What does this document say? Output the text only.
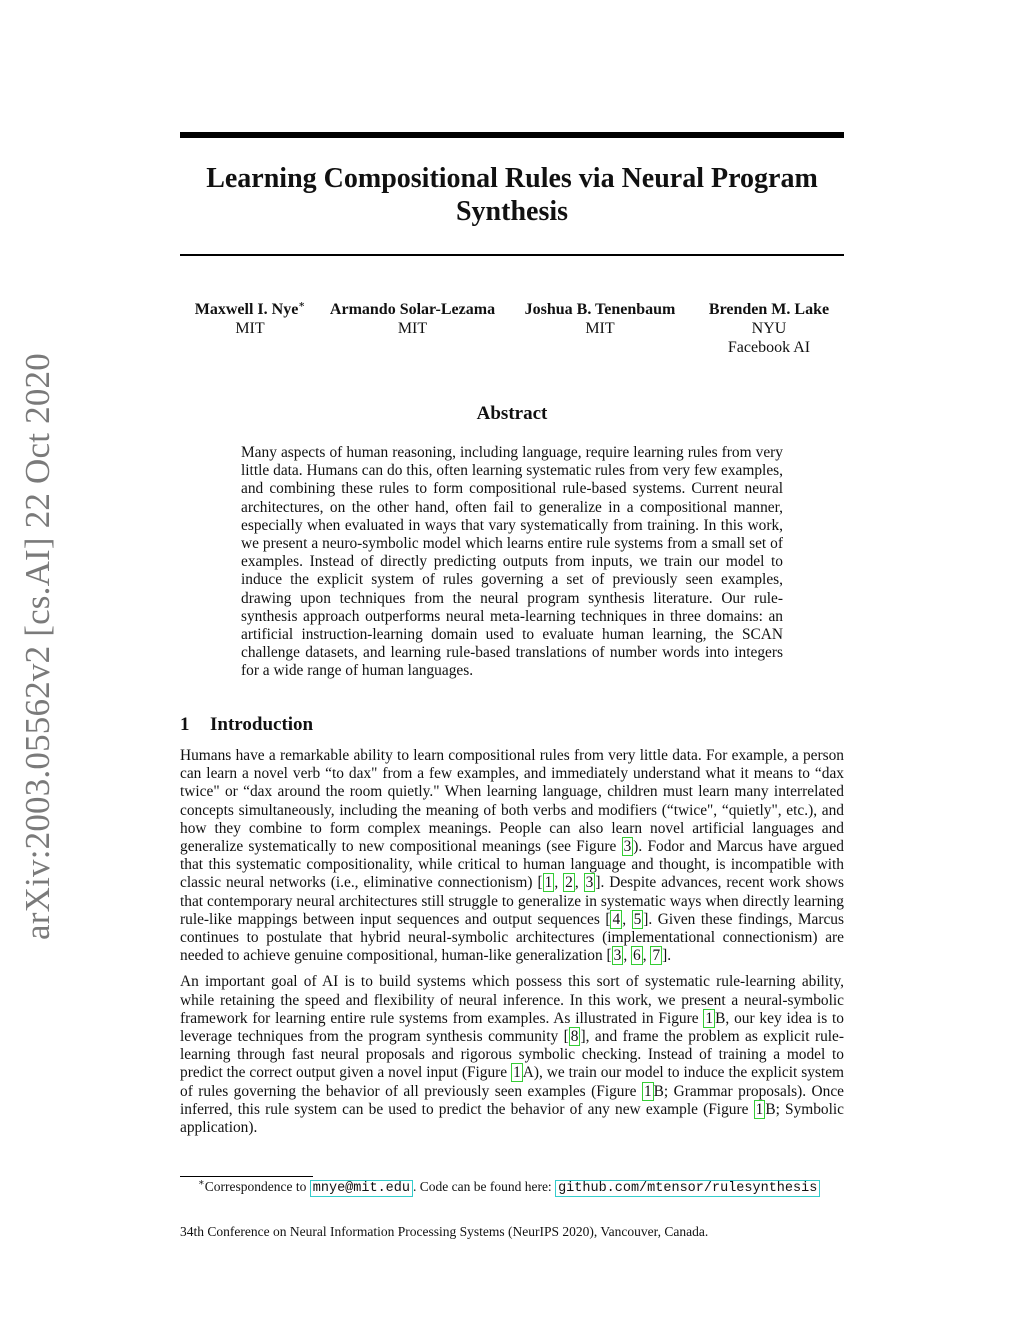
arXiv:2003.05562v2 [cs.AI] 22 Oct 2020
Learning Compositional Rules via Neural Program Synthesis
Maxwell I. Nye∗
MIT
Armando Solar-Lezama
MIT
Joshua B. Tenenbaum
MIT
Brenden M. Lake
NYU
Facebook AI
Abstract
Many aspects of human reasoning, including language, require learning rules from very little data. Humans can do this, often learning systematic rules from very few examples, and combining these rules to form compositional rule-based systems. Current neural architectures, on the other hand, often fail to generalize in a compositional manner, especially when evaluated in ways that vary systematically from training. In this work, we present a neuro-symbolic model which learns entire rule systems from a small set of examples. Instead of directly predicting outputs from inputs, we train our model to induce the explicit system of rules governing a set of previously seen examples, drawing upon techniques from the neural program synthesis literature. Our rule-synthesis approach outperforms neural meta-learning techniques in three domains: an artificial instruction-learning domain used to evaluate human learning, the SCAN challenge datasets, and learning rule-based translations of number words into integers for a wide range of human languages.
1 Introduction

Humans have a remarkable ability to learn compositional rules from very little data. For example, a person can learn a novel verb “to dax" from a few examples, and immediately understand what it means to “dax twice" or “dax around the room quietly." When learning language, children must learn many interrelated concepts simultaneously, including the meaning of both verbs and modifiers (“twice", “quietly", etc.), and how they combine to form complex meanings. People can also learn novel artificial languages and generalize systematically to new compositional meanings (see Figure 3 ). Fodor and Marcus have argued that this systematic compositionality, while critical to human language and thought, is incompatible with classic neural networks (i.e., eliminative connectionism) [ 1 , 2 , 3 ]. Despite advances, recent work shows that contemporary neural architectures still struggle to generalize in systematic ways when directly learning rule-like mappings between input sequences and output sequences [ 4 , 5 ]. Given these findings, Marcus continues to postulate that hybrid neural-symbolic architectures (implementational connectionism) are needed to achieve genuine compositional, human-like generalization [ 3 , 6 , 7 ].

An important goal of AI is to build systems which possess this sort of systematic rule-learning ability, while retaining the speed and flexibility of neural inference. In this work, we present a neural-symbolic framework for learning entire rule systems from examples. As illustrated in Figure 1 B, our key idea is to leverage techniques from the program synthesis community [ 8 ], and frame the problem as explicit rule-learning through fast neural proposals and rigorous symbolic checking. Instead of training a model to predict the correct output given a novel input (Figure 1 A), we train our model to induce the explicit system of rules governing the behavior of all previously seen examples (Figure 1 B; Grammar proposals). Once inferred, this rule system can be used to predict the behavior of any new example (Figure 1 B; Symbolic application).

∗Correspondence to mnye@mit.edu . Code can be found here: github.com/mtensor/rulesynthesis
34th Conference on Neural Information Processing Systems (NeurIPS 2020), Vancouver, Canada.
